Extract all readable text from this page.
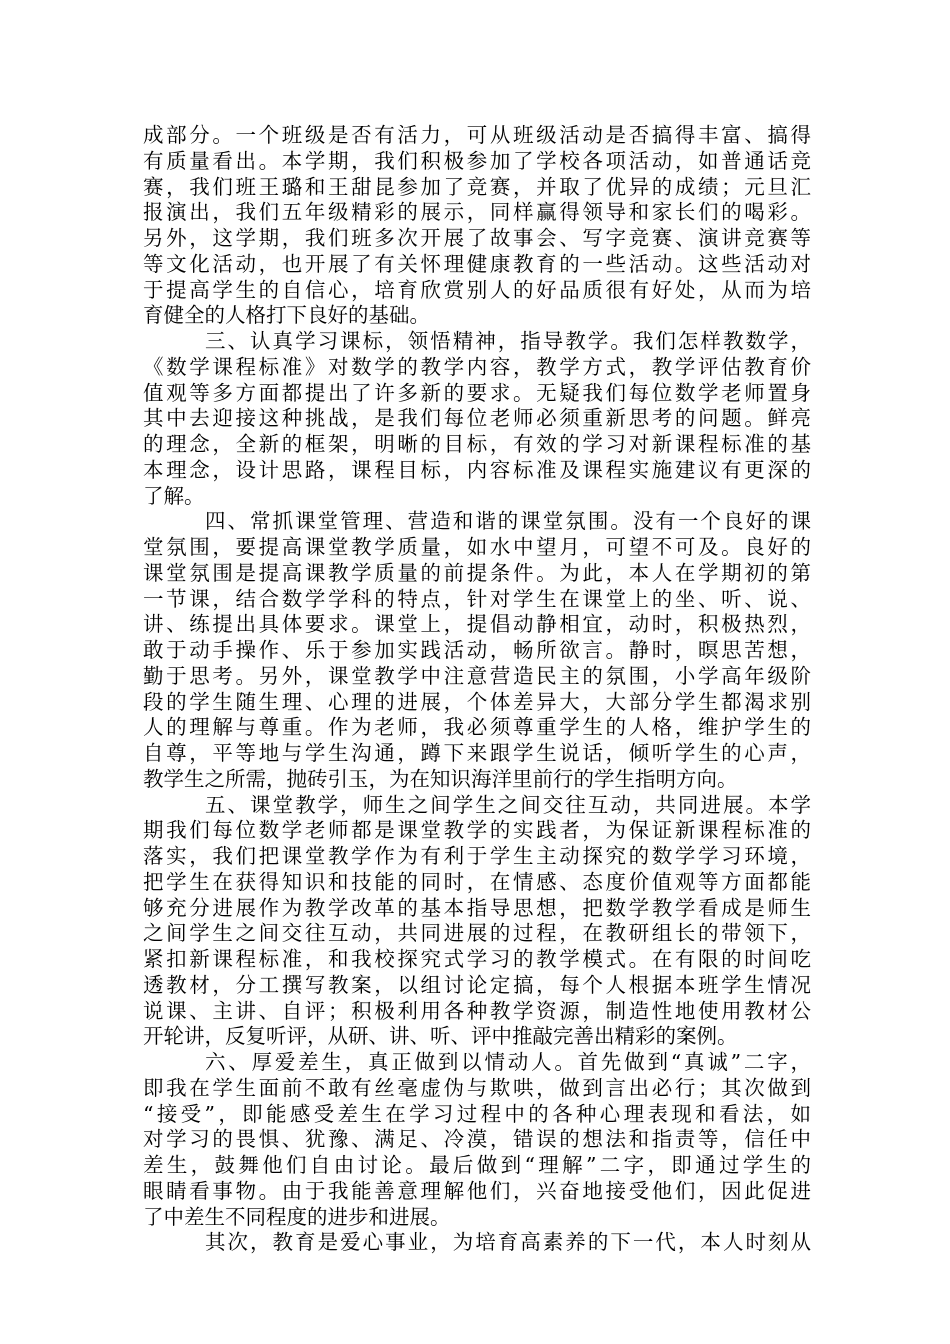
成部分。一个班级是否有活力，可从班级活动是否搞得丰富、搞得
有质量看出。本学期，我们积极参加了学校各项活动，如普通话竞
赛，我们班王璐和王甜昆参加了竞赛，并取了优异的成绩；元旦汇
报演出，我们五年级精彩的展示，同样赢得领导和家长们的喝彩。
另外，这学期，我们班多次开展了故事会、写字竞赛、演讲竞赛等
等文化活动，也开展了有关怀理健康教育的一些活动。这些活动对
于提高学生的自信心，培育欣赏别人的好品质很有好处，从而为培
育健全的人格打下良好的基础。
三、认真学习课标，领悟精神，指导教学。我们怎样教数学，
《数学课程标准》对数学的教学内容，教学方式，教学评估教育价
值观等多方面都提出了许多新的要求。无疑我们每位数学老师置身
其中去迎接这种挑战，是我们每位老师必须重新思考的问题。鲜亮
的理念，全新的框架，明晰的目标，有效的学习对新课程标准的基
本理念，设计思路，课程目标，内容标准及课程实施建议有更深的
了解。
四、常抓课堂管理、营造和谐的课堂氛围。没有一个良好的课
堂氛围，要提高课堂教学质量，如水中望月，可望不可及。良好的
课堂氛围是提高课教学质量的前提条件。为此，本人在学期初的第
一节课，结合数学学科的特点，针对学生在课堂上的坐、听、说、
讲、练提出具体要求。课堂上，提倡动静相宜，动时，积极热烈，
敢于动手操作、乐于参加实践活动，畅所欲言。静时，暝思苦想，
勤于思考。另外，课堂教学中注意营造民主的氛围，小学高年级阶
段的学生随生理、心理的进展，个体差异大，大部分学生都渴求别
人的理解与尊重。作为老师，我必须尊重学生的人格，维护学生的
自尊，平等地与学生沟通，蹲下来跟学生说话，倾听学生的心声，
教学生之所需，抛砖引玉，为在知识海洋里前行的学生指明方向。
五、课堂教学，师生之间学生之间交往互动，共同进展。本学
期我们每位数学老师都是课堂教学的实践者，为保证新课程标准的
落实，我们把课堂教学作为有利于学生主动探究的数学学习环境，
把学生在获得知识和技能的同时，在情感、态度价值观等方面都能
够充分进展作为教学改革的基本指导思想，把数学教学看成是师生
之间学生之间交往互动，共同进展的过程，在教研组长的带领下，
紧扣新课程标准，和我校探究式学习的教学模式。在有限的时间吃
透教材，分工撰写教案，以组讨论定搞，每个人根据本班学生情况
说课、主讲、自评；积极利用各种教学资源，制造性地使用教材公
开轮讲，反复听评，从研、讲、听、评中推敲完善出精彩的案例。
六、厚爱差生，真正做到以情动人。首先做到“真诚”二字，
即我在学生面前不敢有丝毫虚伪与欺哄，做到言出必行；其次做到
“接受”，即能感受差生在学习过程中的各种心理表现和看法，如
对学习的畏惧、犹豫、满足、冷漠，错误的想法和指责等，信任中
差生，鼓舞他们自由讨论。最后做到“理解”二字，即通过学生的
眼睛看事物。由于我能善意理解他们，兴奋地接受他们，因此促进
了中差生不同程度的进步和进展。
其次，教育是爱心事业，为培育高素养的下一代，本人时刻从
